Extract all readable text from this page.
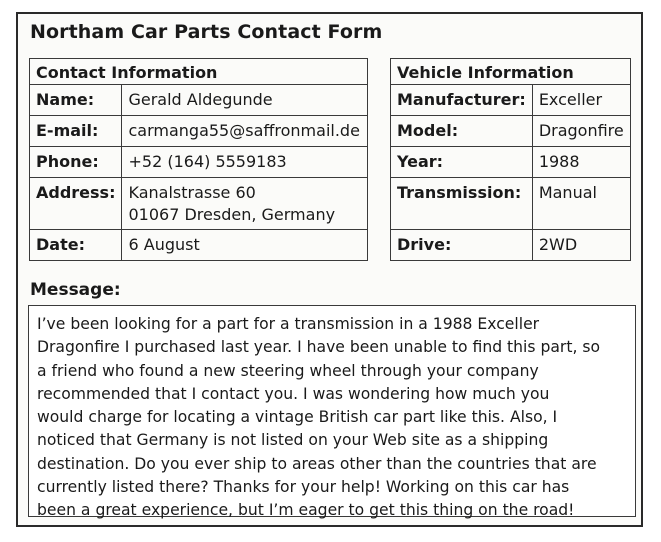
Northam Car Parts Contact Form
Contact Information	
Name:	Gerald Aldegunde
E-mail:	carmanga55@saffronmail.de
Phone:	+52 (164) 5559183
Address:	Kanalstrasse 60
01067 Dresden, Germany

Date:	6 August
Vehicle Information	
Manufacturer:	Exceller
Model:	Dragonfire
Year:	1988
Transmission:	Manual
Drive:	2WD
Message:
I’ve been looking for a part for a transmission in a 1988 Exceller
Dragonfire I purchased last year. I have been unable to find this part, so
a friend who found a new steering wheel through your company
recommended that I contact you. I was wondering how much you
would charge for locating a vintage British car part like this. Also, I
noticed that Germany is not listed on your Web site as a shipping
destination. Do you ever ship to areas other than the countries that are
currently listed there? Thanks for your help! Working on this car has
been a great experience, but I’m eager to get this thing on the road!
